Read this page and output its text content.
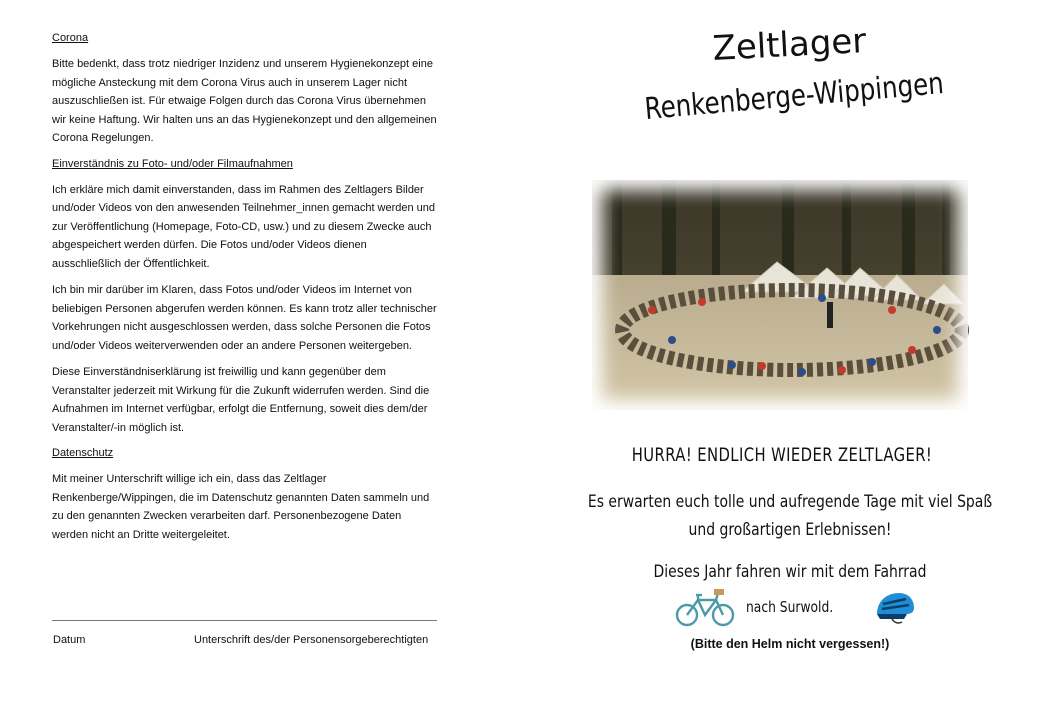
Corona

Bitte bedenkt, dass trotz niedriger Inzidenz und unserem Hygienekonzept eine mögliche Ansteckung mit dem Corona Virus auch in unserem Lager nicht auszuschließen ist. Für etwaige Folgen durch das Corona Virus übernehmen wir keine Haftung. Wir halten uns an das Hygienekonzept und den allgemeinen Corona Regelungen.

Einverständnis zu Foto- und/oder Filmaufnahmen

Ich erkläre mich damit einverstanden, dass im Rahmen des Zeltlagers Bilder und/oder Videos von den anwesenden Teilnehmer_innen gemacht werden und zur Veröffentlichung (Homepage, Foto-CD, usw.) und zu diesem Zwecke auch abgespeichert werden dürfen. Die Fotos und/oder Videos dienen ausschließlich der Öffentlichkeit.

Ich bin mir darüber im Klaren, dass Fotos und/oder Videos im Internet von beliebigen Personen abgerufen werden können. Es kann trotz aller technischer Vorkehrungen nicht ausgeschlossen werden, dass solche Personen die Fotos und/oder Videos weiterverwenden oder an andere Personen weitergeben.

Diese Einverständniserklärung ist freiwillig und kann gegenüber dem Veranstalter jederzeit mit Wirkung für die Zukunft widerrufen werden. Sind die Aufnahmen im Internet verfügbar, erfolgt die Entfernung, soweit dies dem/der Veranstalter/-in möglich ist.

Datenschutz

Mit meiner Unterschrift willige ich ein, dass das Zeltlager Renkenberge/Wippingen, die im Datenschutz genannten Daten sammeln und zu den genannten Zwecken verarbeiten darf. Personenbezogene Daten werden nicht an Dritte weitergeleitet.

Datum	Unterschrift des/der Personensorgeberechtigten
Zeltlager
Renkenberge-Wippingen
HURRA! ENDLICH WIEDER ZELTLAGER!
Es erwarten euch tolle und aufregende Tage mit viel Spaß
und großartigen Erlebnissen!
Dieses Jahr fahren wir mit dem Fahrrad
nach Surwold.
(Bitte den Helm nicht vergessen!)
